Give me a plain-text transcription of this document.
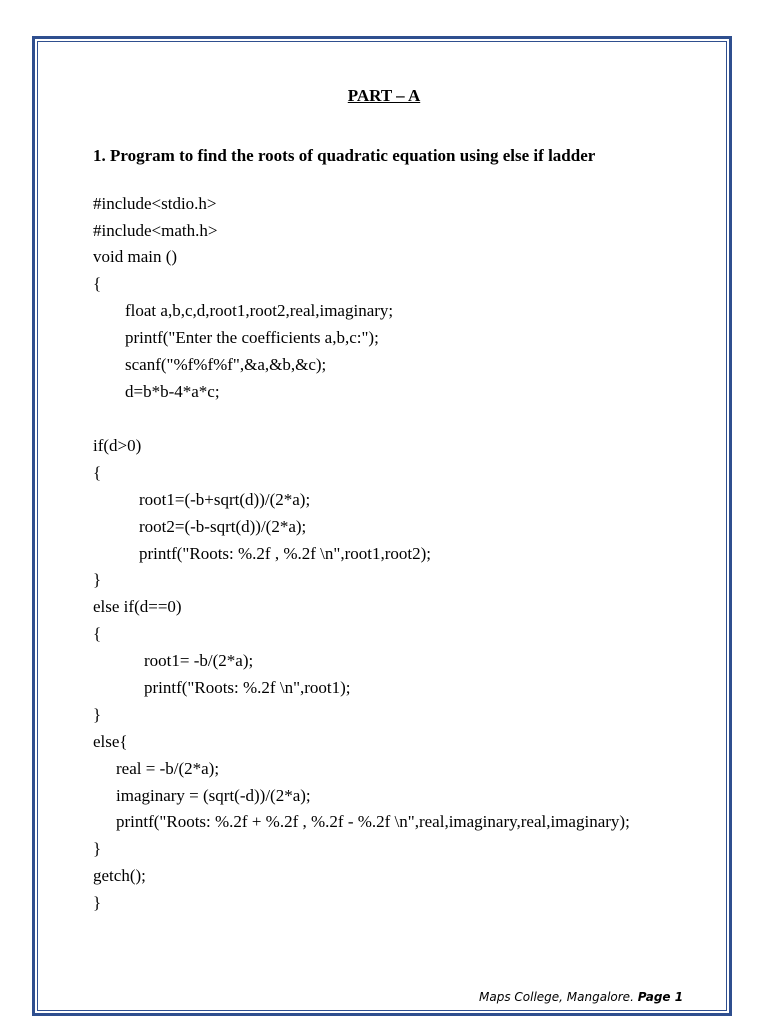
PART – A
1. Program to find the roots of quadratic equation using else if ladder
#include<stdio.h>
#include<math.h>
void main ()
{
float a,b,c,d,root1,root2,real,imaginary;
printf("Enter the coefficients a,b,c:");
scanf("%f%f%f",&a,&b,&c);
d=b*b-4*a*c;
if(d>0)
{
root1=(-b+sqrt(d))/(2*a);
root2=(-b-sqrt(d))/(2*a);
printf("Roots: %.2f , %.2f \n",root1,root2);
}
else if(d==0)
{
root1= -b/(2*a);
printf("Roots: %.2f \n",root1);
}
else{
real = -b/(2*a);
imaginary = (sqrt(-d))/(2*a);
printf("Roots: %.2f + %.2f , %.2f - %.2f \n",real,imaginary,real,imaginary);
}
getch();
}
Maps College, Mangalore. Page 1
